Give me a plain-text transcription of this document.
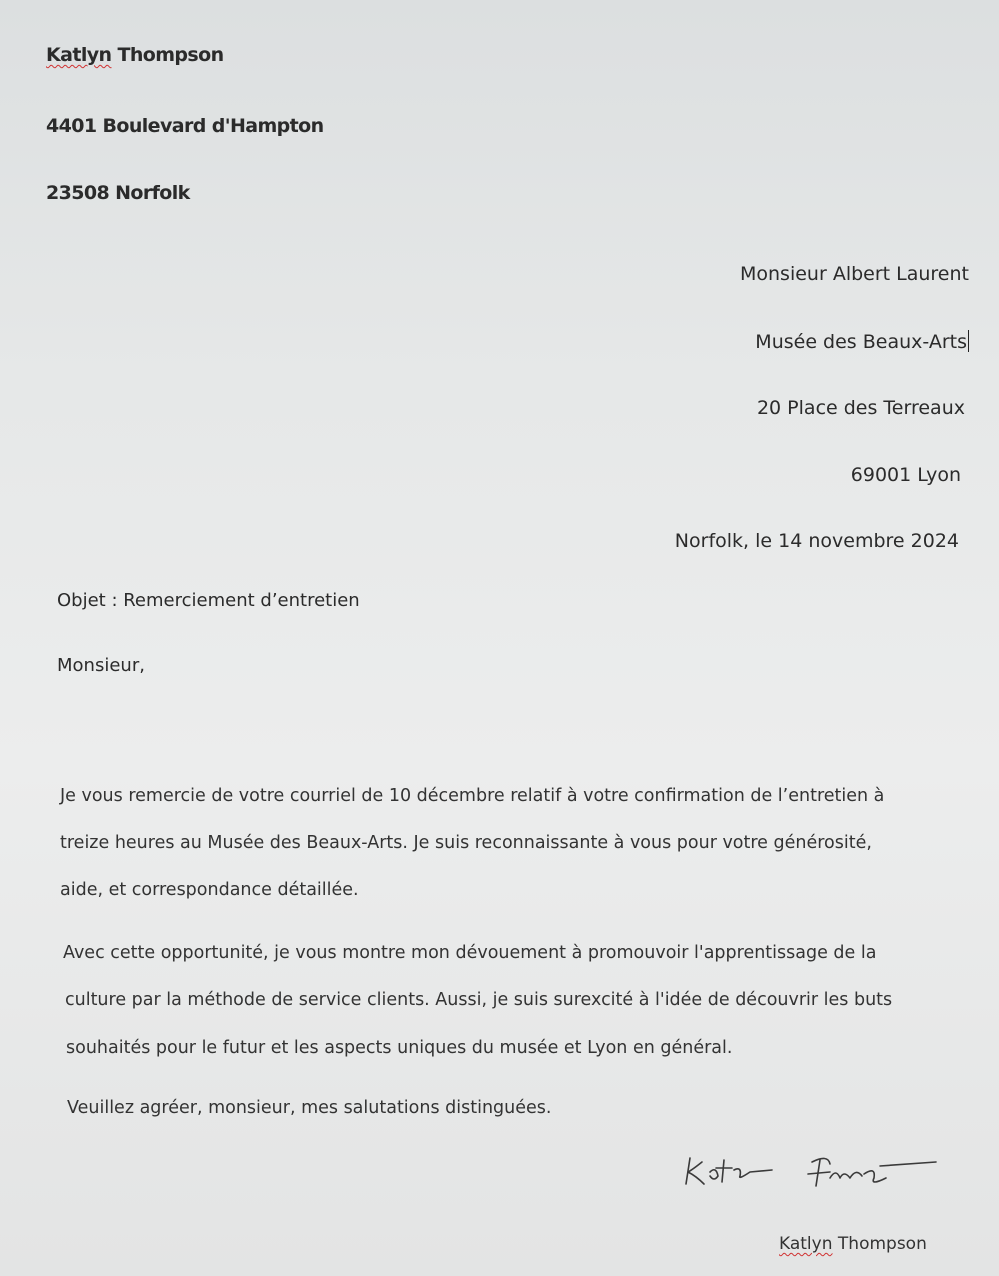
Katlyn Thompson
4401 Boulevard d'Hampton
23508 Norfolk
Monsieur Albert Laurent
Musée des Beaux-Arts
20 Place des Terreaux
69001 Lyon
Norfolk, le 14 novembre 2024
Objet : Remerciement d’entretien
Monsieur,
Je vous remercie de votre courriel de 10 décembre relatif à votre confirmation de l’entretien à
treize heures au Musée des Beaux-Arts. Je suis reconnaissante à vous pour votre générosité,
aide, et correspondance détaillée.
Avec cette opportunité, je vous montre mon dévouement à promouvoir l'apprentissage de la
culture par la méthode de service clients. Aussi, je suis surexcité à l'idée de découvrir les buts
souhaités pour le futur et les aspects uniques du musée et Lyon en général.
Veuillez agréer, monsieur, mes salutations distinguées.
Katlyn Thompson
